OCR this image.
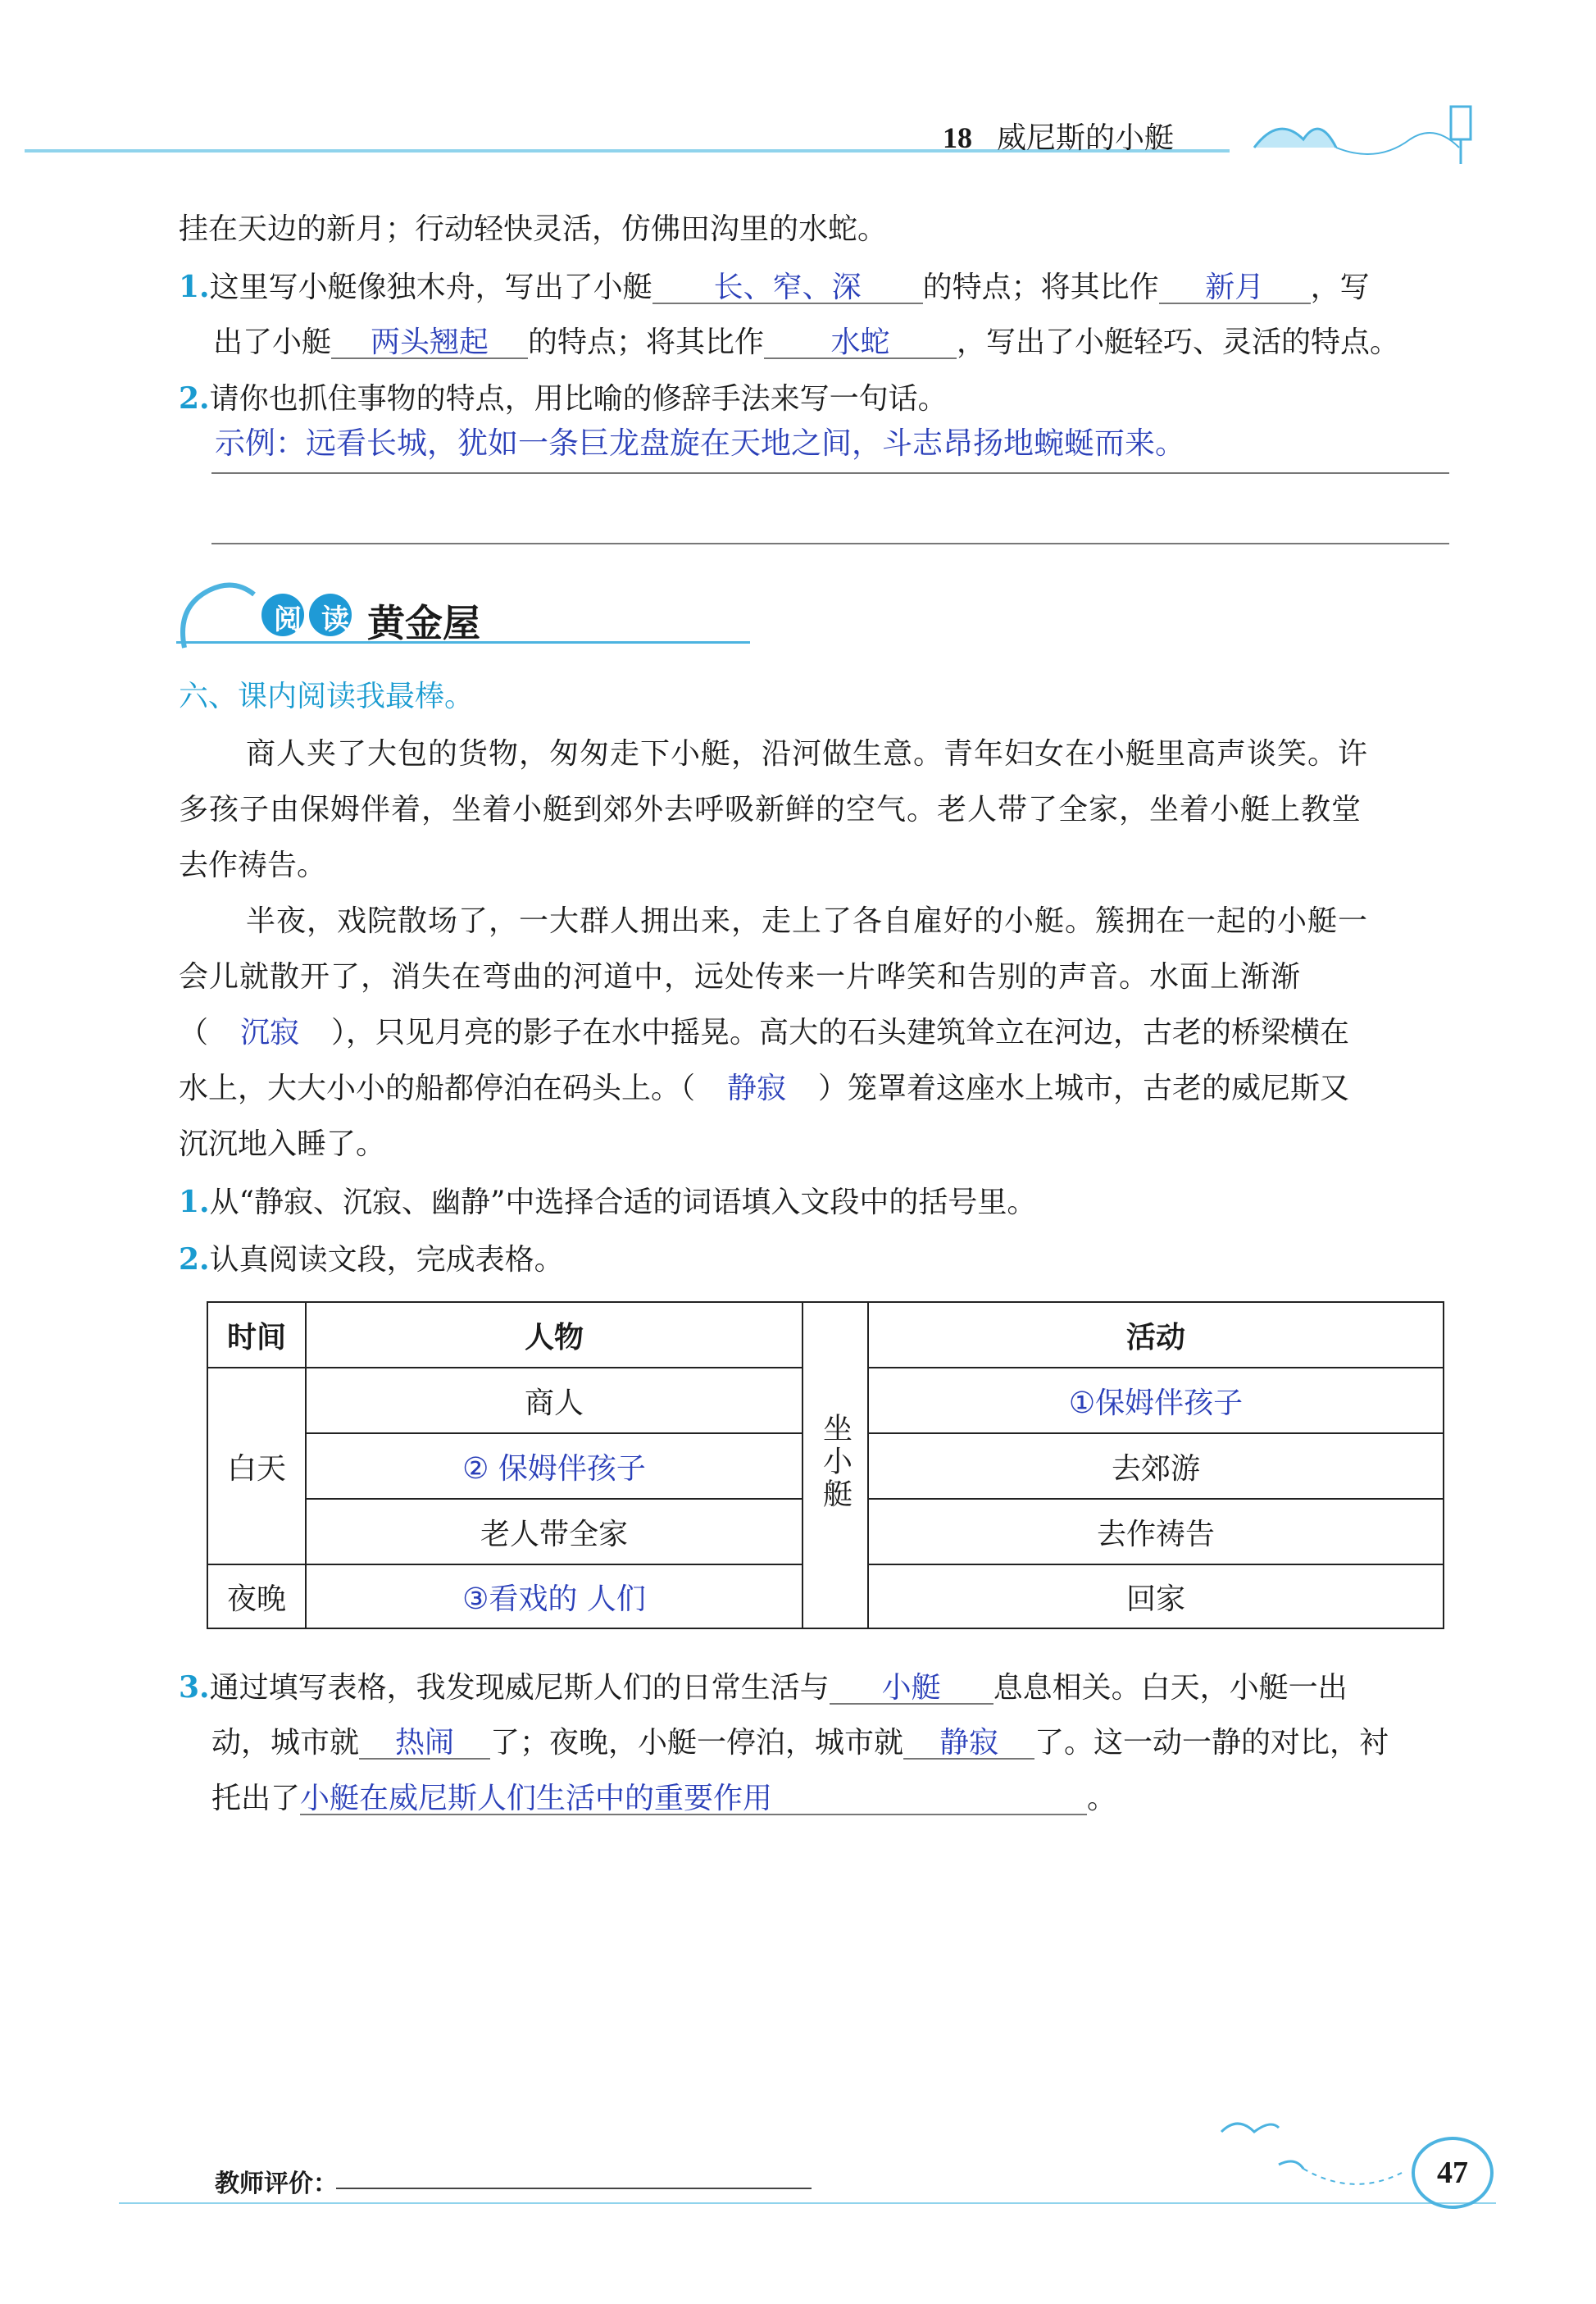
18 威尼斯的小艇
挂在天边的新月；行动轻快灵活，仿佛田沟里的水蛇。
1.这里写小艇像独木舟，写出了小艇 长、窄、深 的特点；将其比作 新月 ，写
出了小艇 两头翘起 的特点；将其比作 水蛇 ，写出了小艇轻巧、灵活的特点。
2.请你也抓住事物的特点，用比喻的修辞手法来写一句话。
示例：远看长城，犹如一条巨龙盘旋在天地之间，斗志昂扬地蜿蜒而来。
阅 读 黄金屋
六、课内阅读我最棒。
商人夹了大包的货物，匆匆走下小艇，沿河做生意。青年妇女在小艇里高声谈笑。许
多孩子由保姆伴着，坐着小艇到郊外去呼吸新鲜的空气。老人带了全家，坐着小艇上教堂
去作祷告。
半夜，戏院散场了，一大群人拥出来，走上了各自雇好的小艇。簇拥在一起的小艇一
会儿就散开了，消失在弯曲的河道中，远处传来一片哗笑和告别的声音。水面上渐渐
（ 沉寂 ），只见月亮的影子在水中摇晃。高大的石头建筑耸立在河边，古老的桥梁横在
水上，大大小小的船都停泊在码头上。（ 静寂 ）笼罩着这座水上城市，古老的威尼斯又
沉沉地入睡了。
1.从“静寂、沉寂、幽静”中选择合适的词语填入文段中的括号里。
2.认真阅读文段，完成表格。
时间	人物	坐小艇	活动
白天	商人		①保姆伴孩子
	② 保姆伴孩子		去郊游
	老人带全家		去作祷告
夜晚	③看戏的 人们		回家
3.通过填写表格，我发现威尼斯人们的日常生活与 小艇 息息相关。白天，小艇一出
动，城市就 热闹 了；夜晚，小艇一停泊，城市就 静寂 了。这一动一静的对比，衬
托出了小艇在威尼斯人们生活中的重要作用	。
教师评价：	47
